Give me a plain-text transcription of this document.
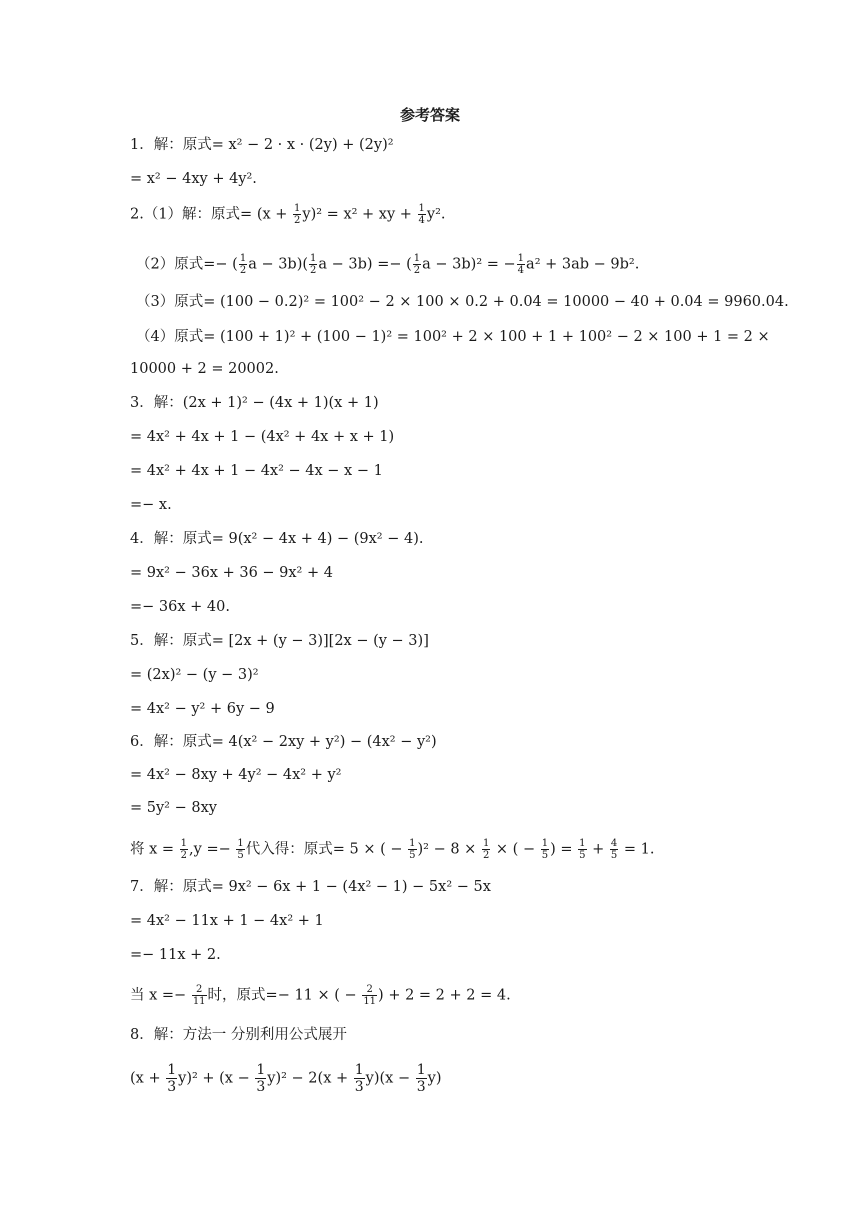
参考答案
1．解：原式= x² − 2 · x · (2y) + (2y)²
= x² − 4xy + 4y².
2.（1）解：原式= $(x + \frac{1}{2} y)^2 = x^2$ + xy + $\frac{1}{4} y^2$.
（2）原式=− ( $\frac{1}{2}$ $a - 3b)( \frac{1}{2}$ a − 3b) =− ( $\frac{1}{2}$ a − 3b)² = − $\frac{1}{4} a^2 + 3ab - 9b^2$.
（3）原式= (100 − 0.2)² = 100² − 2 × 100 × 0.2 + 0.04 = 10000 − 40 + 0.04 = 9960.04.
（4）原式= (100 + 1)² + (100 − 1)² = 100² + 2 × 100 + 1 + 100² − 2 × 100 + 1 = 2 ×
10000 + 2 = 20002.
3．解：(2x + 1)² − (4x + 1)(x + 1)
= 4x² + 4x + 1 − (4x² + 4x + x + 1)
= 4x² + 4x + 1 − 4x² − 4x − x − 1
=− x.
4．解：原式= 9(x² − 4x + 4) − (9x² − 4).
= 9x² − 36x + 36 − 9x² + 4
=− 36x + 40.
5．解：原式= [2x + (y − 3)][2x − (y − 3)]
= (2x)² − (y − 3)²
= 4x² − y² + 6y − 9
6．解：原式= 4(x² − 2xy + y²) − (4x² − y²)
= 4x² − 8xy + 4y² − 4x² + y²
= 5y² − 8xy
将 $x = \frac{1}{2} ,y =- \frac{1}{5}$ 代入得：原式= 5 × ( − $\frac{1}{5} )^2 - 8 \times \frac{1}{2}$ × ( − $\frac{1}{5}$ ) = $\frac{1}{5} + \frac{4}{5} = 1$.
7．解：原式= 9x² − 6x + 1 − (4x² − 1) − 5x² − 5x
= 4x² − 11x + 1 − 4x² + 1
=− 11x + 2.
当 $x =- \frac{2}{11}$ 时，原式=− 11 × ( − $\frac{2}{11}$ ) + 2 = 2 + 2 = 4.
8．解：方法一 分别利用公式展开
$(x + \frac{1}{3} y)^2 + (x - \frac{1}{3} y)^2 - 2(x + \frac{1}{3} y)(x - \frac{1}{3} y)$
